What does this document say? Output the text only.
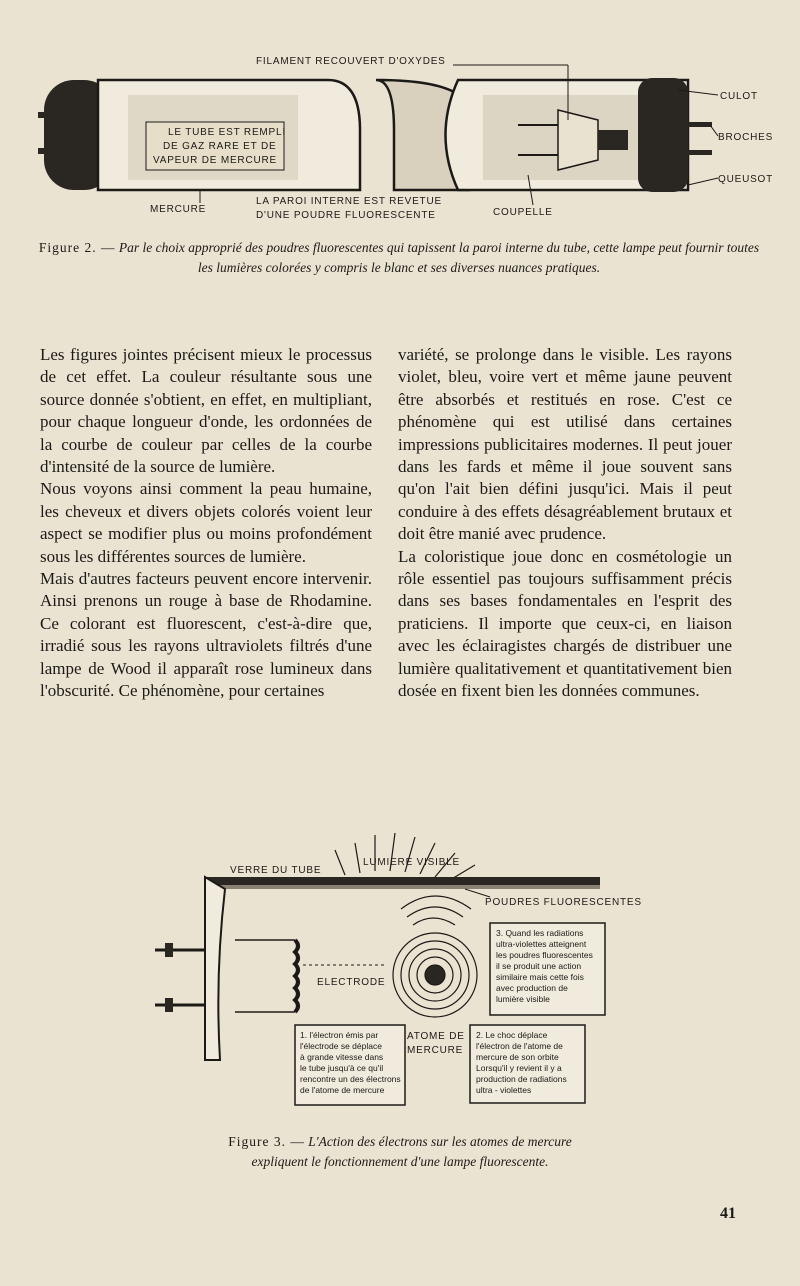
LE TUBE EST REMPLI
DE GAZ RARE ET DE
VAPEUR DE MERCURE
FILAMENT RECOUVERT D'OXYDES
CULOT
BROCHES
QUEUSOT
MERCURE
LA PAROI INTERNE EST REVETUE
D'UNE POUDRE FLUORESCENTE	COUPELLE
Figure 2. — Par le choix approprié des poudres fluorescentes qui tapissent la paroi interne du tube, cette lampe peut fournir toutes les lumières colorées y compris le blanc et ses diverses nuances pratiques.

Les figures jointes précisent mieux le processus de cet effet. La couleur résultante sous une source donnée s'obtient, en effet, en multipliant, pour chaque longueur d'onde, les ordonnées de la courbe de couleur par celles de la courbe d'intensité de la source de lumière.

Nous voyons ainsi comment la peau humaine, les cheveux et divers objets colorés voient leur aspect se modifier plus ou moins profondément sous les différentes sources de lumière.

Mais d'autres facteurs peuvent encore intervenir. Ainsi prenons un rouge à base de Rhodamine. Ce colorant est fluorescent, c'est-à-dire que, irradié sous les rayons ultraviolets filtrés d'une lampe de Wood il apparaît rose lumineux dans l'obscurité. Ce phénomène, pour certaines

variété, se prolonge dans le visible. Les rayons violet, bleu, voire vert et même jaune peuvent être absorbés et restitués en rose. C'est ce phénomène qui est utilisé dans certaines impressions publicitaires modernes. Il peut jouer dans les fards et même il joue souvent sans qu'on l'ait bien défini jusqu'ici. Mais il peut conduire à des effets désagréablement brutaux et doit être manié avec prudence.

La coloristique joue donc en cosmétologie un rôle essentiel pas toujours suffisamment précis dans ses bases fondamentales en l'esprit des praticiens. Il importe que ceux-ci, en liaison avec les éclairagistes chargés de distribuer une lumière qualitativement et quantitativement bien dosée en fixent bien les données communes.

LUMIERE VISIBLE
VERRE DU TUBE
POUDRES FLUORESCENTES
ELECTRODE
ATOME DE
MERCURE
3. Quand les radiations
ultra-violettes atteignent
les poudres fluorescentes
il se produit une action
similaire mais cette fois
avec production de
lumière visible
1. l'électron émis par
l'électrode se déplace
à grande vitesse dans
le tube jusqu'à ce qu'il
rencontre un des électrons
de l'atome de mercure
2. Le choc déplace
l'électron de l'atome de
mercure de son orbite
Lorsqu'il y revient il y a
production de radiations
ultra - violettes
Figure 3. — L'Action des électrons sur les atomes de mercure
expliquent le fonctionnement d'une lampe fluorescente.
41
